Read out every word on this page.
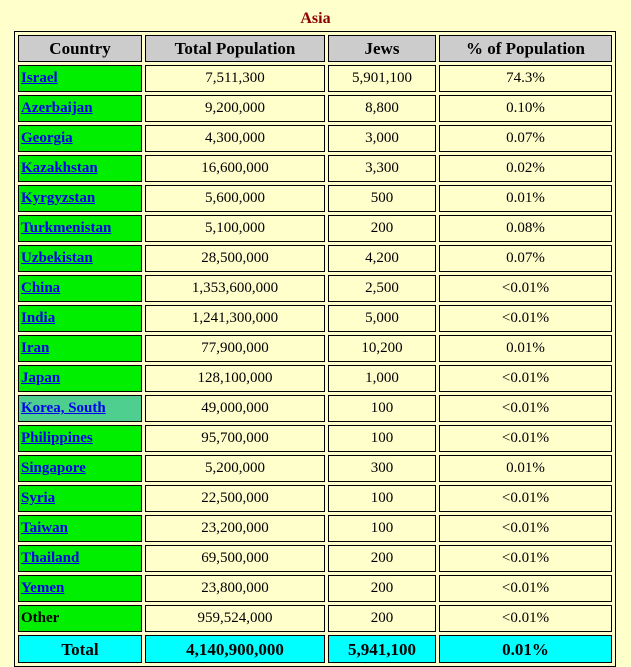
Asia
Country	Total Population	Jews	% of Population
Israel	7,511,300	5,901,100	74.3%
Azerbaijan	9,200,000	8,800	0.10%
Georgia	4,300,000	3,000	0.07%
Kazakhstan	16,600,000	3,300	0.02%
Kyrgyzstan	5,600,000	500	0.01%
Turkmenistan	5,100,000	200	0.08%
Uzbekistan	28,500,000	4,200	0.07%
China	1,353,600,000	2,500	<0.01%
India	1,241,300,000	5,000	<0.01%
Iran	77,900,000	10,200	0.01%
Japan	128,100,000	1,000	<0.01%
Korea, South	49,000,000	100	<0.01%
Philippines	95,700,000	100	<0.01%
Singapore	5,200,000	300	0.01%
Syria	22,500,000	100	<0.01%
Taiwan	23,200,000	100	<0.01%
Thailand	69,500,000	200	<0.01%
Yemen	23,800,000	200	<0.01%
Other	959,524,000	200	<0.01%
Total	4,140,900,000	5,941,100	0.01%
